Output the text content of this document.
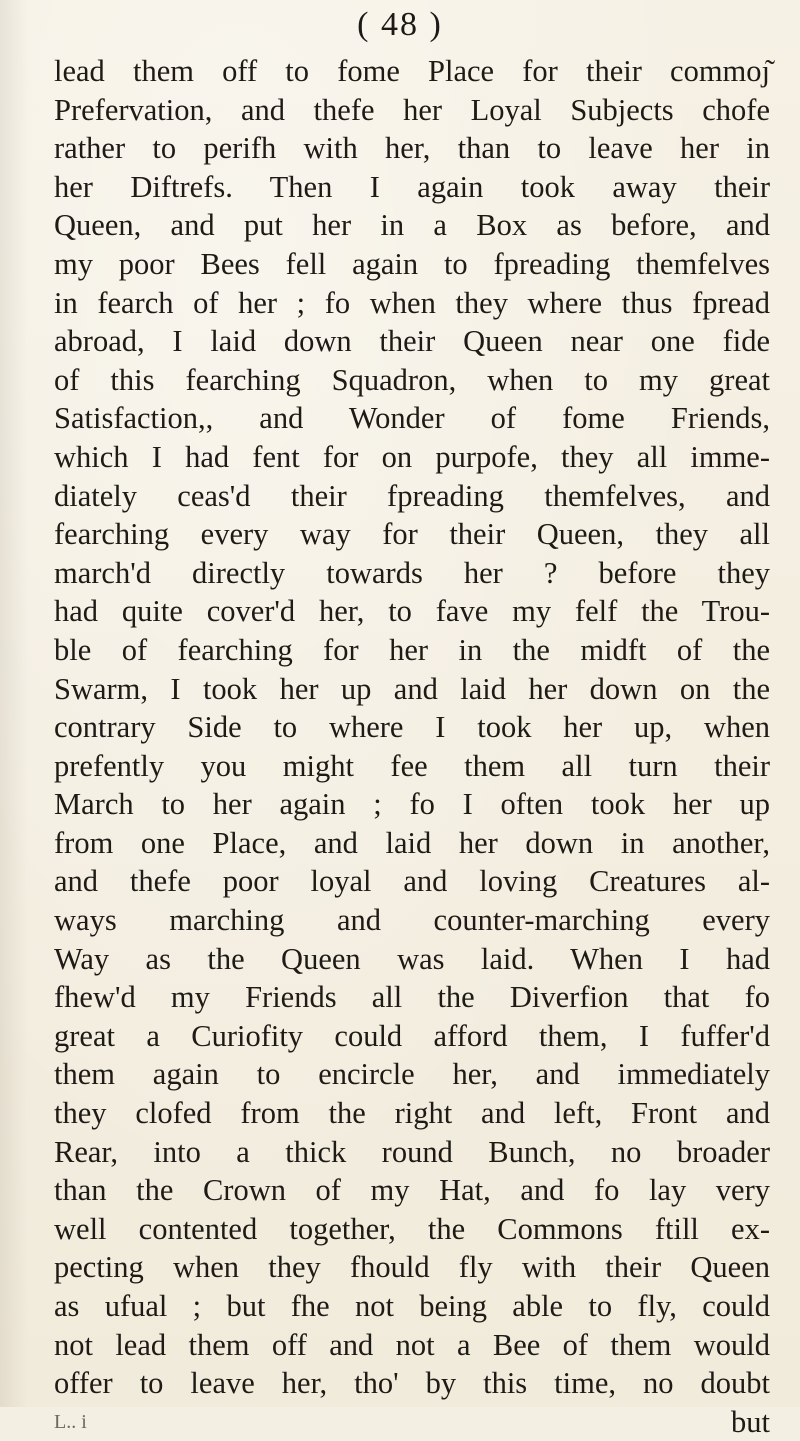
( 48 )
lead them off to fome Place for their commoȷ͂
Prefervation, and thefe her Loyal Subjects chofe
rather to perifh with her, than to leave her in
her Diftrefs. Then I again took away their
Queen, and put her in a Box as before, and
my poor Bees fell again to fpreading themfelves
in fearch of her ; fo when they where thus fpread
abroad, I laid down their Queen near one fide
of this fearching Squadron, when to my great
Satisfaction,, and Wonder of fome Friends,
which I had fent for on purpofe, they all imme-
diately ceas'd their fpreading themfelves, and
fearching every way for their Queen, they all
march'd directly towards her ? before they
had quite cover'd her, to fave my felf the Trou-
ble of fearching for her in the midft of the
Swarm, I took her up and laid her down on the
contrary Side to where I took her up, when
prefently you might fee them all turn their
March to her again ; fo I often took her up
from one Place, and laid her down in another,
and thefe poor loyal and loving Creatures al-
ways marching and counter-marching every
Way as the Queen was laid. When I had
fhew'd my Friends all the Diverfion that fo
great a Curiofity could afford them, I fuffer'd
them again to encircle her, and immediately
they clofed from the right and left, Front and
Rear, into a thick round Bunch, no broader
than the Crown of my Hat, and fo lay very
well contented together, the Commons ftill ex-
pecting when they fhould fly with their Queen
as ufual ; but fhe not being able to fly, could
not lead them off and not a Bee of them would
offer to leave her, tho' by this time, no doubt
L.. i	but
